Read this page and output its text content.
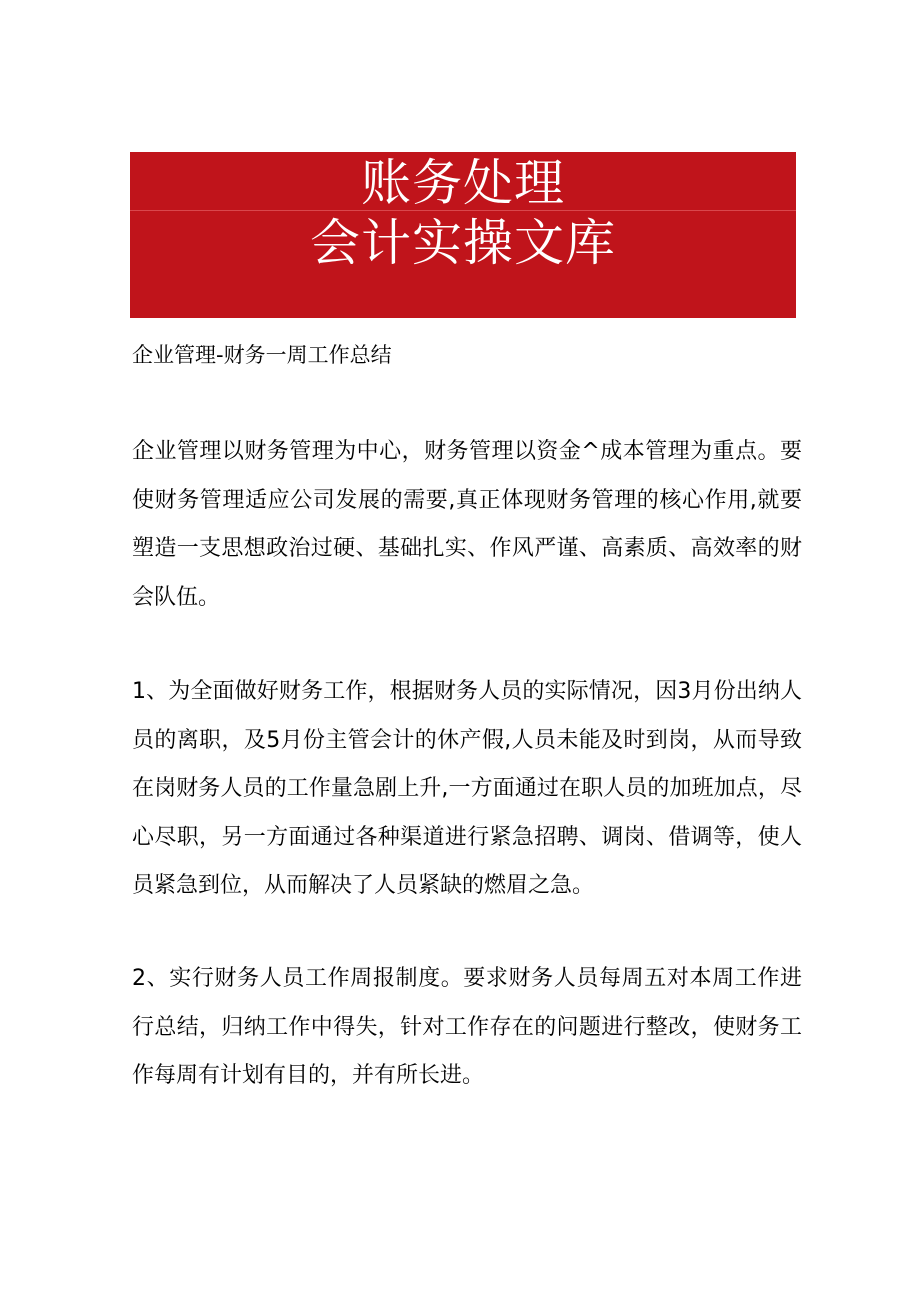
账务处理
会计实操文库

企业管理-财务一周工作总结

企业管理以财务管理为中心，财务管理以资金^成本管理为重点。要使财务管理适应公司发展的需要,真正体现财务管理的核心作用,就要塑造一支思想政治过硬、基础扎实、作风严谨、高素质、高效率的财会队伍。

1、为全面做好财务工作，根据财务人员的实际情况，因3月份出纳人员的离职，及5月份主管会计的休产假,人员未能及时到岗，从而导致在岗财务人员的工作量急剧上升,一方面通过在职人员的加班加点，尽心尽职，另一方面通过各种渠道进行紧急招聘、调岗、借调等，使人员紧急到位，从而解决了人员紧缺的燃眉之急。

2、实行财务人员工作周报制度。要求财务人员每周五对本周工作进行总结，归纳工作中得失，针对工作存在的问题进行整改，使财务工作每周有计划有目的，并有所长进。
